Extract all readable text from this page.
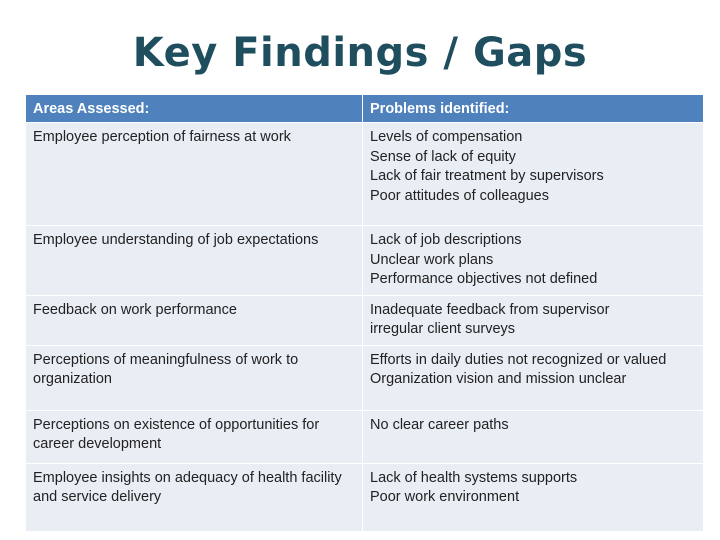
Key Findings / Gaps
Areas Assessed:	Problems identified:
Employee perception of fairness at work	Levels of compensation
Sense of lack of equity
Lack of fair treatment by supervisors
Poor attitudes of colleagues

Employee understanding of job expectations	Lack of job descriptions
Unclear work plans
Performance objectives not defined

Feedback on work performance	Inadequate feedback from supervisor
irregular client surveys

Perceptions of meaningfulness of work to organization	Efforts in daily duties not recognized or valued
Organization vision and mission unclear

Perceptions on existence of opportunities for career development	No clear career paths

Employee insights on adequacy of health facility and service delivery	Lack of health systems supports
Poor work environment
